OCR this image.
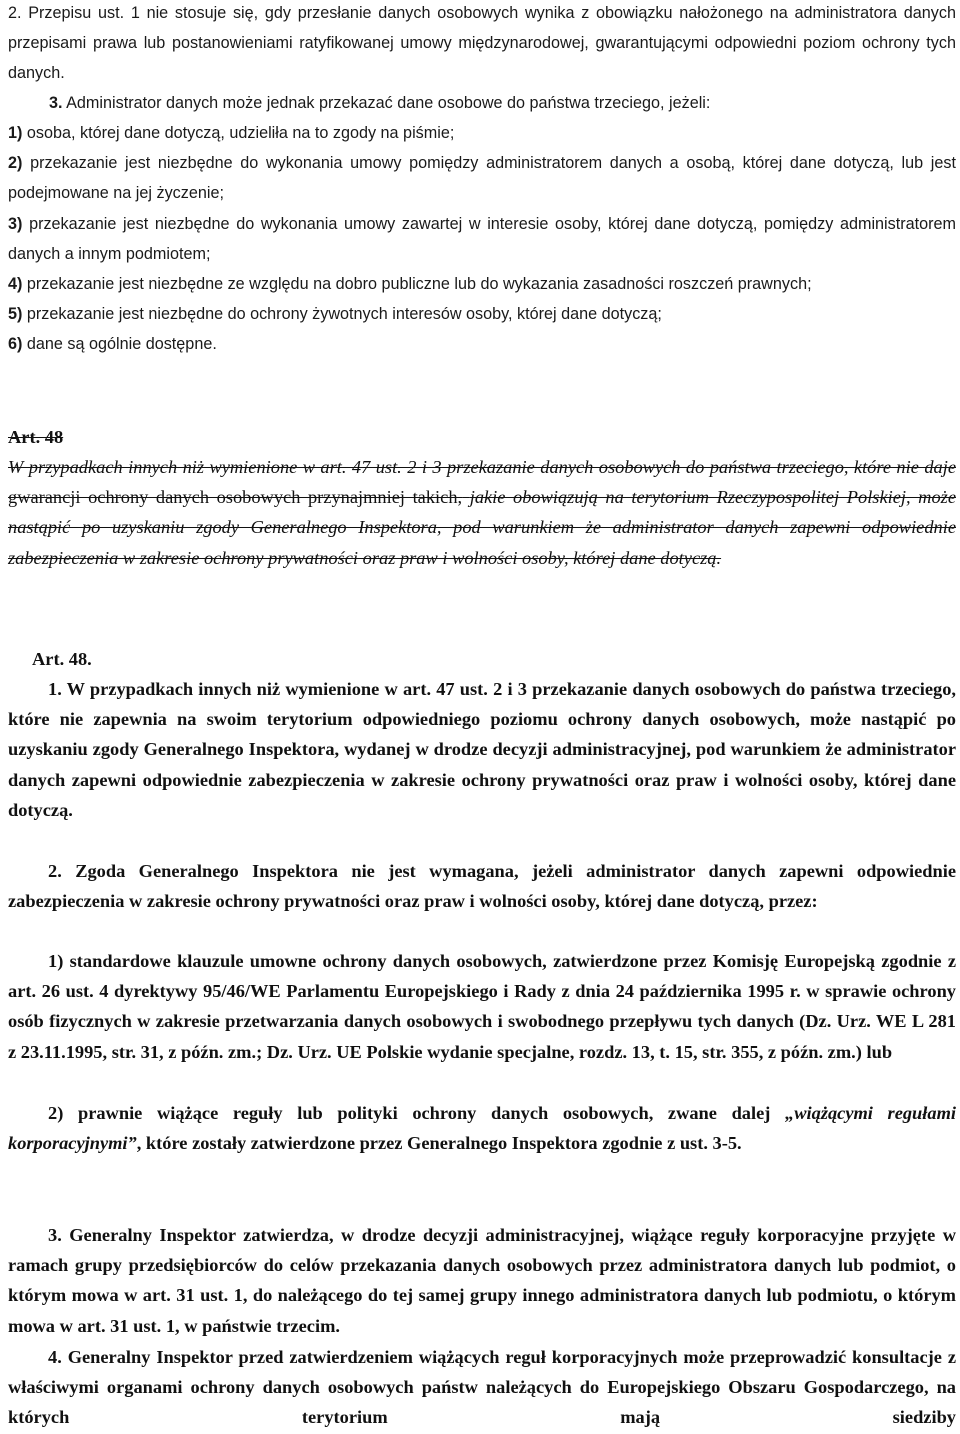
2. Przepisu ust. 1 nie stosuje się, gdy przesłanie danych osobowych wynika z obowiązku nałożonego na administratora danych przepisami prawa lub postanowieniami ratyfikowanej umowy międzynarodowej, gwarantującymi odpowiedni poziom ochrony tych danych.
3. Administrator danych może jednak przekazać dane osobowe do państwa trzeciego, jeżeli:
1) osoba, której dane dotyczą, udzieliła na to zgody na piśmie;
2) przekazanie jest niezbędne do wykonania umowy pomiędzy administratorem danych a osobą, której dane dotyczą, lub jest podejmowane na jej życzenie;
3) przekazanie jest niezbędne do wykonania umowy zawartej w interesie osoby, której dane dotyczą, pomiędzy administratorem danych a innym podmiotem;
4) przekazanie jest niezbędne ze względu na dobro publiczne lub do wykazania zasadności roszczeń prawnych;
5) przekazanie jest niezbędne do ochrony żywotnych interesów osoby, której dane dotyczą;
6) dane są ogólnie dostępne.
Art. 48
W przypadkach innych niż wymienione w art. 47 ust. 2 i 3 przekazanie danych osobowych do państwa trzeciego, które nie daje gwarancji ochrony danych osobowych przynajmniej takich, jakie obowiązują na terytorium Rzeczypospolitej Polskiej, może nastąpić po uzyskaniu zgody Generalnego Inspektora, pod warunkiem że administrator danych zapewni odpowiednie zabezpieczenia w zakresie ochrony prywatności oraz praw i wolności osoby, której dane dotyczą.
Art. 48.
1. W przypadkach innych niż wymienione w art. 47 ust. 2 i 3 przekazanie danych osobowych do państwa trzeciego, które nie zapewnia na swoim terytorium odpowiedniego poziomu ochrony danych osobowych, może nastąpić po uzyskaniu zgody Generalnego Inspektora, wydanej w drodze decyzji administracyjnej, pod warunkiem że administrator danych zapewni odpowiednie zabezpieczenia w zakresie ochrony prywatności oraz praw i wolności osoby, której dane dotyczą.
2. Zgoda Generalnego Inspektora nie jest wymagana, jeżeli administrator danych zapewni odpowiednie zabezpieczenia w zakresie ochrony prywatności oraz praw i wolności osoby, której dane dotyczą, przez:
1) standardowe klauzule umowne ochrony danych osobowych, zatwierdzone przez Komisję Europejską zgodnie z art. 26 ust. 4 dyrektywy 95/46/WE Parlamentu Europejskiego i Rady z dnia 24 października 1995 r. w sprawie ochrony osób fizycznych w zakresie przetwarzania danych osobowych i swobodnego przepływu tych danych (Dz. Urz. WE L 281 z 23.11.1995, str. 31, z późn. zm.; Dz. Urz. UE Polskie wydanie specjalne, rozdz. 13, t. 15, str. 355, z późn. zm.) lub
2) prawnie wiążące reguły lub polityki ochrony danych osobowych, zwane dalej „wiążącymi regułami korporacyjnymi”, które zostały zatwierdzone przez Generalnego Inspektora zgodnie z ust. 3-5.
3. Generalny Inspektor zatwierdza, w drodze decyzji administracyjnej, wiążące reguły korporacyjne przyjęte w ramach grupy przedsiębiorców do celów przekazania danych osobowych przez administratora danych lub podmiot, o którym mowa w art. 31 ust. 1, do należącego do tej samej grupy innego administratora danych lub podmiotu, o którym mowa w art. 31 ust. 1, w państwie trzecim.
4. Generalny Inspektor przed zatwierdzeniem wiążących reguł korporacyjnych może przeprowadzić konsultacje z właściwymi organami ochrony danych osobowych państw należących do Europejskiego Obszaru Gospodarczego, na których terytorium mają siedziby
